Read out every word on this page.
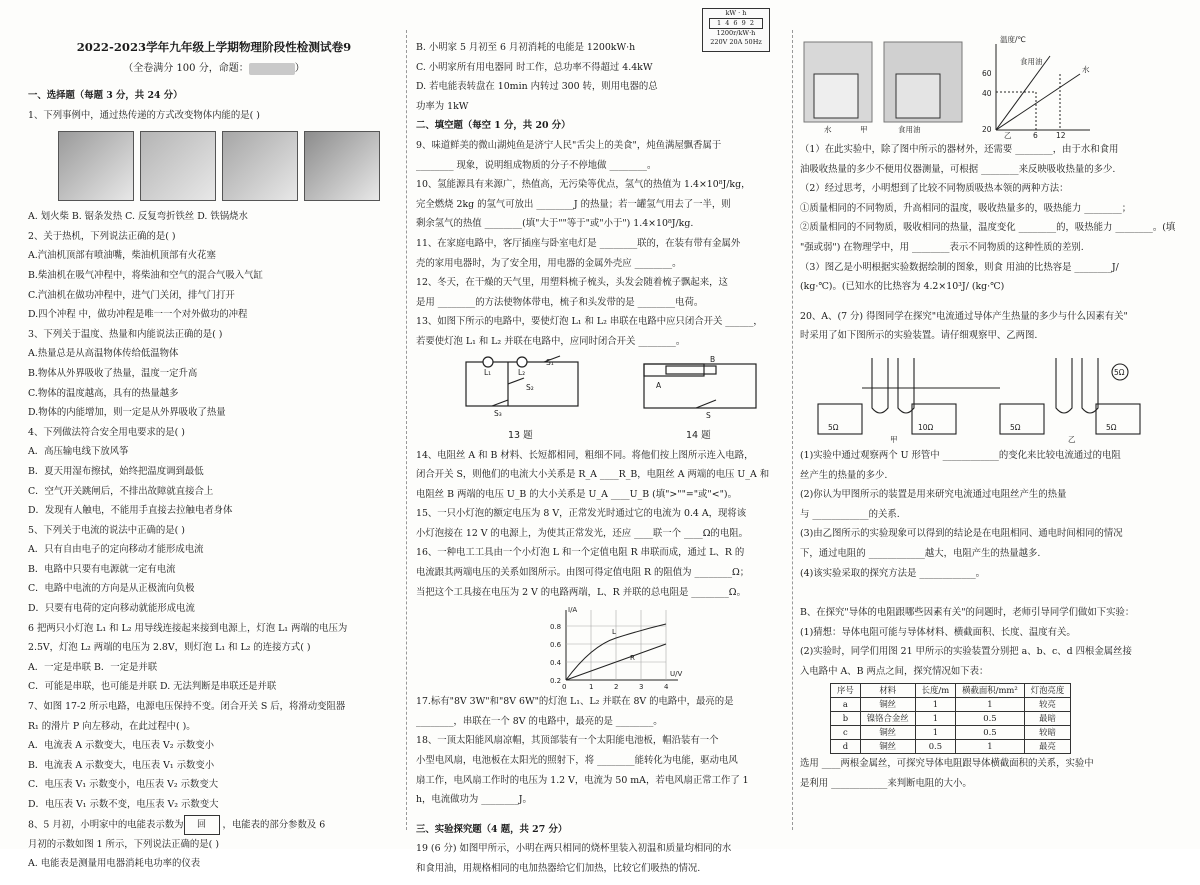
2022-2023学年九年级上学期物理阶段性检测试卷9
（全卷满分 100 分，命题：	）
一、选择题（每题 3 分，共 24 分）
1、下列事例中，通过热传递的方式改变物体内能的是( )
A. 划火柴 B. 锯条发热 C. 反复弯折铁丝 D. 铁锅烧水
2、关于热机，下列说法正确的是( )
A.汽油机顶部有喷油嘴，柴油机顶部有火花塞
B.柴油机在吸气冲程中，将柴油和空气的混合气吸入气缸
C.汽油机在做功冲程中，进气门关闭，排气门打开
D.四个冲程 中，做功冲程是唯一一个对外做功的冲程
3、下列关于温度、热量和内能说法正确的是( )
A.热量总是从高温物体传给低温物体
B.物体从外界吸收了热量，温度一定升高
C.物体的温度越高，具有的热量越多
D.物体的内能增加，则一定是从外界吸收了热量
4、下列做法符合安全用电要求的是( )
A．高压输电线下放风筝
B．夏天用湿布擦拭，始终把温度调到最低
C．空气开关跳闸后，不排出故障就直接合上
D．发现有人触电，不能用手直接去拉触电者身体
5、下列关于电流的说法中正确的是( )
A．只有自由电子的定向移动才能形成电流
B．电路中只要有电源就一定有电流
C．电路中电流的方向是从正极流向负极
D．只要有电荷的定向移动就能形成电流
6 把两只小灯泡 L₁ 和 L₂ 用导线连接起来接到电源上，灯泡 L₁ 两端的电压为
2.5V，灯泡 L₂ 两端的电压为 2.8V，则灯泡 L₁ 和 L₂ 的连接方式( )
A．一定是串联 B．一定是并联
C．可能是串联，也可能是并联 D. 无法判断是串联还是并联
7、如图 17-2 所示电路，电源电压保持不变。闭合开关 S 后，将滑动变阻器
R₁ 的滑片 P 向左移动，在此过程中( )。
A．电流表 A 示数变大，电压表 V₂ 示数变小
B．电流表 A 示数变大，电压表 V₁ 示数变小
C．电压表 V₁ 示数变小，电压表 V₂ 示数变大
D．电压表 V₁ 示数不变，电压表 V₂ 示数变大
8、5 月初，小明家中的电能表示数为 回 ，电能表的部分参数及 6
月初的示数如图 1 所示，下列说法正确的是( )
A. 电能表是测量用电器消耗电功率的仪表
kW · h
1 4 6 9 2
1200r/kW·h
220V 20A 50Hz
B. 小明家 5 月初至 6 月初消耗的电能是 1200kW·h
C. 小明家所有用电器同 时工作，总功率不得超过 4.4kW
D. 若电能表转盘在 10min 内转过 300 转，则用电器的总
功率为 1kW
二、填空题（每空 1 分，共 20 分）
9、味道鲜美的微山湖炖鱼是济宁人民"舌尖上的美食"，炖鱼满屋飘香属于
________ 现象，说明组成物质的分子不停地做 ________。
10、氢能源具有来源广，热值高，无污染等优点，氢气的热值为 1.4×10⁸J/kg，
完全燃烧 2kg 的氢气可放出 ________J 的热量；若一罐氢气用去了一半，则
剩余氢气的热值 ________(填"大于""等于"或"小于") 1.4×10⁸J/kg.
11、在家庭电路中，客厅插座与卧室电灯是 ________联的，在装有带有金属外
壳的家用电器时，为了安全用，用电器的金属外壳应 ________。
12、冬天，在干燥的天气里，用塑料梳子梳头，头发会随着梳子飘起来，这
是用 ________的方法使物体带电，梳子和头发带的是 ________电荷。
13、如图下所示的电路中，要使灯泡 L₁ 和 L₂ 串联在电路中应只闭合开关 ______，
若要使灯泡 L₁ 和 L₂ 并联在电路中，应同时闭合开关 ________。
L₁	L₂
S₁
S₂
S₃
A
B
S
13 题	14 题
14、电阻丝 A 和 B 材料、长短都相同，粗细不同。将他们按上图所示连入电路，
闭合开关 S，则他们的电流大小关系是 R_A ____R_B，电阻丝 A 两端的电压 U_A 和
电阻丝 B 两端的电压 U_B 的大小关系是 U_A ____U_B (填">""="或"<")。
15、一只小灯泡的额定电压为 8 V，正常发光时通过它的电流为 0.4 A，现将该
小灯泡接在 12 V 的电源上，为使其正常发光，还应 ____联一个 ____Ω的电阻。
16、一种电工工具由一个小灯泡 L 和一个定值电阻 R 串联而成，通过 L、R 的
电流跟其两端电压的关系如图所示。由图可得定值电阻 R 的阻值为 ________Ω；
当把这个工具接在电压为 2 V 的电路两端，L、R 并联的总电阻是 ________Ω。
I/A
U/V
0.8
0.6
0.4
0.2
0	1	2	3	4
L
R
17.标有"8V 3W"和"8V 6W"的灯泡 L₁、L₂ 并联在 8V 的电路中，最亮的是
________，串联在一个 8V 的电路中，最亮的是 ________。
18、一顶太阳能风扇凉帽，其顶部装有一个太阳能电池板，帽沿装有一个
小型电风扇，电池板在太阳光的照射下，将 ________能转化为电能，驱动电风
扇工作，电风扇工作时的电压为 1.2 V，电流为 50 mA，若电风扇正常工作了 1
h，电流做功为 ________J。
三、实验探究题（4 题，共 27 分）
19 (6 分) 如图甲所示，小明在两只相同的烧杯里装入初温和质量均相同的水
和食用油，用规格相同的电加热器给它们加热，比较它们吸热的情况.
水	食用油
甲
温度/℃
食用油
水
60
40
20
6 12
乙
（1）在此实验中，除了图中所示的器材外，还需要 ________，由于水和食用
油吸收热量的多少不便用仪器测量，可根据 ________来反映吸收热量的多少.
（2）经过思考，小明想到了比较不同物质吸热本领的两种方法：
①质量相同的不同物质，升高相同的温度，吸收热量多的，吸热能力 ________；
②质量相同的不同物质，吸收相同的热量，温度变化 ________的，吸热能力 ________。(填
"强或弱") 在物理学中，用 ________表示不同物质的这种性质的差别.
（3）图乙是小明根据实验数据绘制的图象，则食 用油的比热容是 ________J/
(kg·℃)。(已知水的比热容为 4.2×10³J/ (kg·℃)
20、A、(7 分) 得图同学在探究"电流通过导体产生热量的多少与什么因素有关"
时采用了如下图所示的实验装置。请仔细观察甲、乙两图.
5Ω	10Ω	5Ω	5Ω
5Ω
甲	乙
(1)实验中通过观察两个 U 形管中 ____________的变化来比较电流通过的电阻
丝产生的热量的多少.
(2)你认为甲图所示的装置是用来研究电流通过电阻丝产生的热量
与 ____________的关系.
(3)由乙图所示的实验现象可以得到的结论是在电阻相同、通电时间相同的情况
下，通过电阻的 ____________越大，电阻产生的热量越多.
(4)该实验采取的探究方法是 ____________。
B、在探究"导体的电阻跟哪些因素有关"的问题时，老师引导同学们做如下实验：
(1)猜想：导体电阻可能与导体材料、横截面积、长度、温度有关。
(2)实验时，同学们用图 21 甲所示的实验装置分别把 a、b、c、d 四根金属丝接
入电路中 A、B 两点之间，探究情况如下表：
序号	材料	长度/m	横截面积/mm²	灯泡亮度
a	铜丝	1	1	较亮
b	镍铬合金丝	1	0.5	最暗
c	铜丝	1	0.5	较暗
d	铜丝	0.5	1	最亮
选用 ____两根金属丝，可探究导体电阻跟导体横截面积的关系，实验中
是利用 ____________来判断电阻的大小。
